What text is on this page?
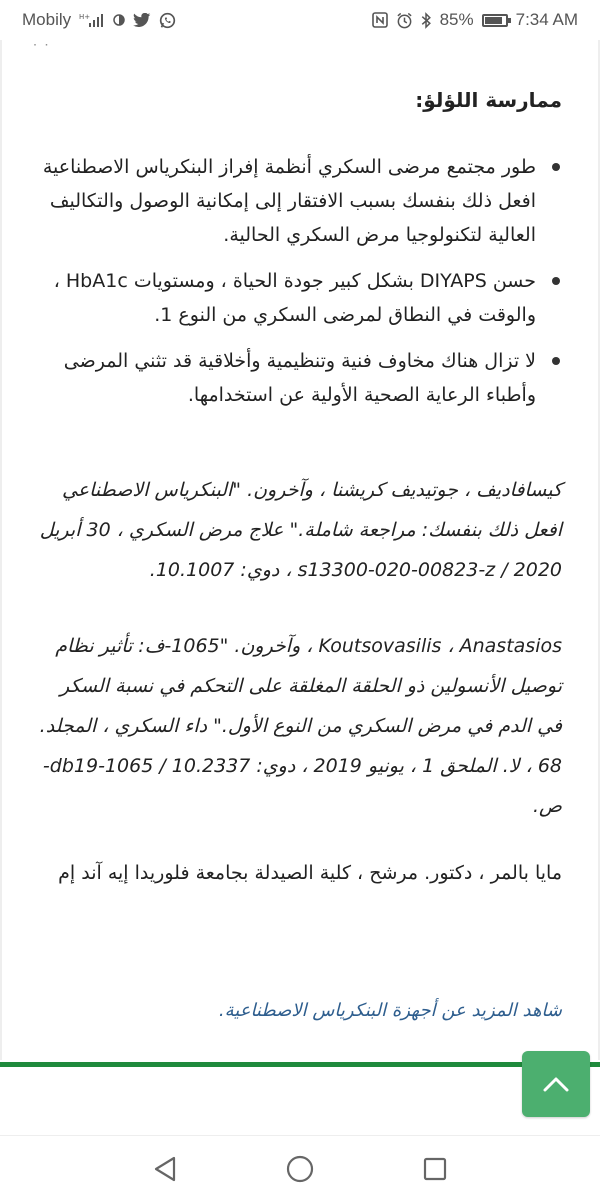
Mobily H+	85% 7:34 AM
˙ ˙
ممارسة اللؤلؤ:
طور مجتمع مرضى السكري أنظمة إفراز البنكرياس الاصطناعية افعل ذلك بنفسك بسبب الافتقار إلى إمكانية الوصول والتكاليف العالية لتكنولوجيا مرض السكري الحالية.
حسن DIYAPS بشكل كبير جودة الحياة ، ومستويات HbA1c ، والوقت في النطاق لمرضى السكري من النوع 1.
لا تزال هناك مخاوف فنية وتنظيمية وأخلاقية قد تثني المرضى وأطباء الرعاية الصحية الأولية عن استخدامها.

كيسافاديف ، جوتيديف كريشنا ، وآخرون. "البنكرياس الاصطناعي افعل ذلك بنفسك: مراجعة شاملة." علاج مرض السكري ، 30 أبريل 2020 / s13300-020-00823-z ، دوي: 10.1007.

Koutsovasilis ، Anastasios ، وآخرون. "1065-ف: تأثير نظام توصيل الأنسولين ذو الحلقة المغلقة على التحكم في نسبة السكر في الدم في مرض السكري من النوع الأول." داء السكري ، المجلد. 68 ، لا. الملحق 1 ، يونيو 2019 ، دوي: 10.2337 / db19-1065-ص.

مايا بالمر ، دكتور. مرشح ، كلية الصيدلة بجامعة فلوريدا إيه آند إم

شاهد المزيد عن أجهزة البنكرياس الاصطناعية.
